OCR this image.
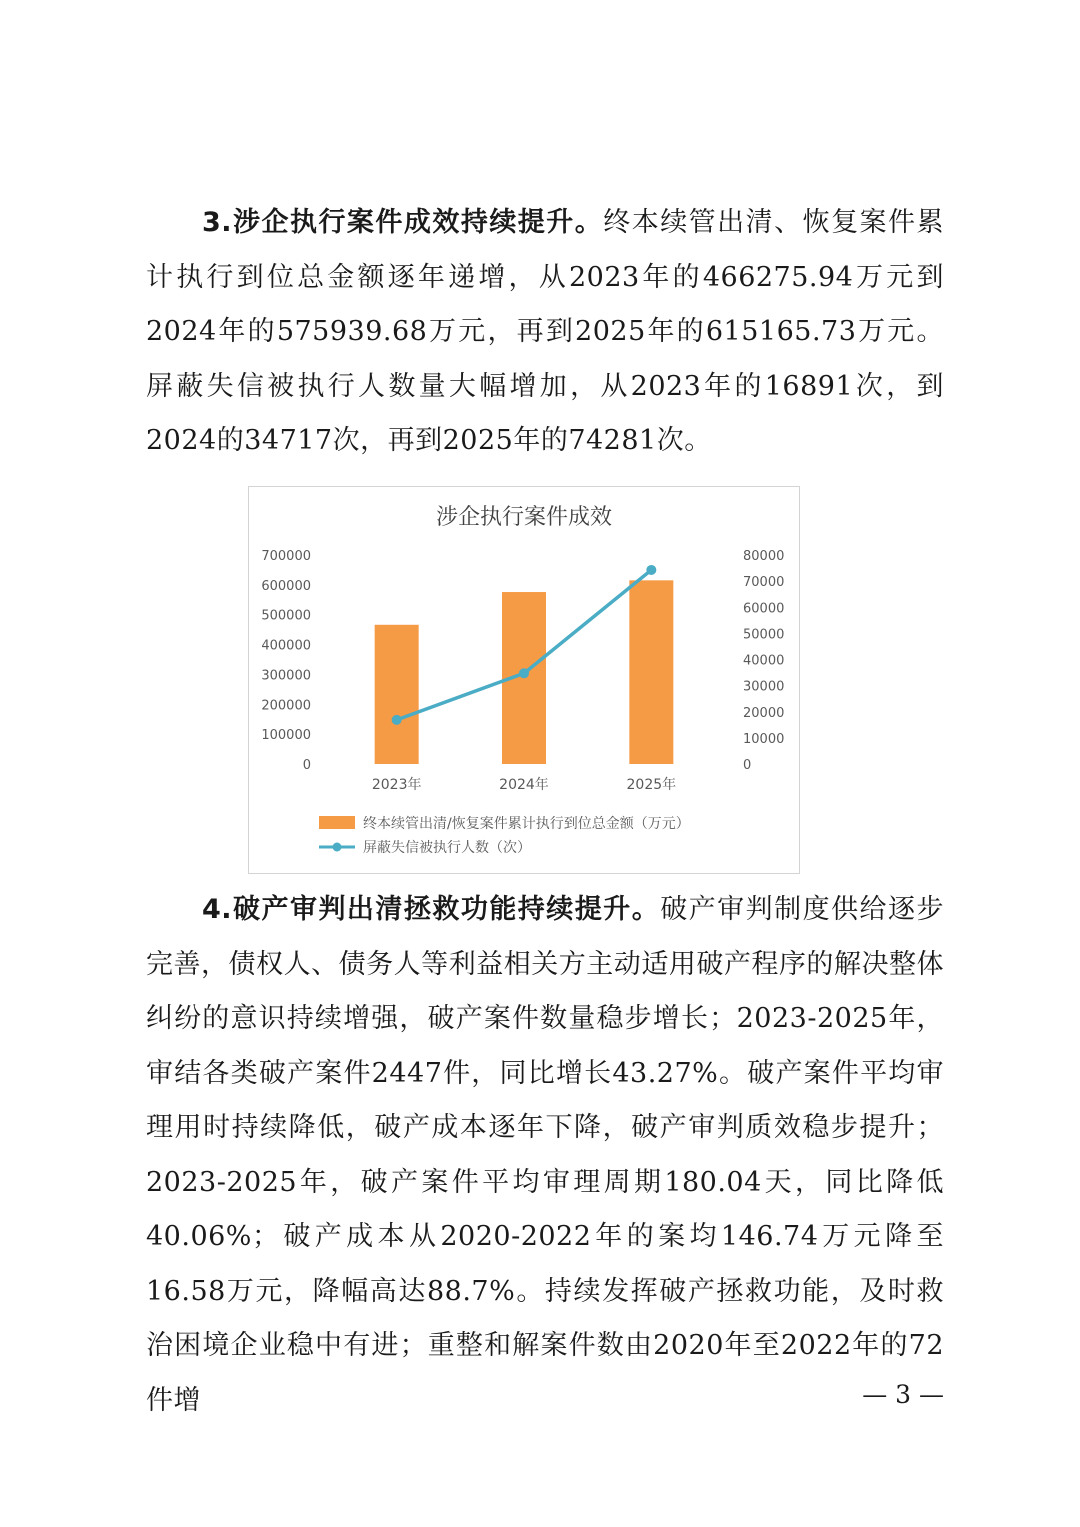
3.涉企执行案件成效持续提升。终本续管出清、恢复案件累计执行到位总金额逐年递增，从2023年的466275.94万元到2024年的575939.68万元，再到2025年的615165.73万元。屏蔽失信被执行人数量大幅增加，从2023年的16891次，到2024的34717次，再到2025年的74281次。

涉企执行案件成效
700000
600000
500000
400000
300000
200000
100000
0
80000
70000
60000
50000
40000
30000
20000
10000
0
2023年	2024年	2025年
终本续管出清/恢复案件累计执行到位总金额（万元）
屏蔽失信被执行人数（次）

4.破产审判出清拯救功能持续提升。破产审判制度供给逐步完善，债权人、债务人等利益相关方主动适用破产程序的解决整体纠纷的意识持续增强，破产案件数量稳步增长；2023-2025年，审结各类破产案件2447件，同比增长43.27%。破产案件平均审理用时持续降低，破产成本逐年下降，破产审判质效稳步提升；2023-2025年，破产案件平均审理周期180.04天，同比降低40.06%；破产成本从2020-2022年的案均146.74万元降至16.58万元，降幅高达88.7%。持续发挥破产拯救功能，及时救治困境企业稳中有进；重整和解案件数由2020年至2022年的72件增	— 3 —
